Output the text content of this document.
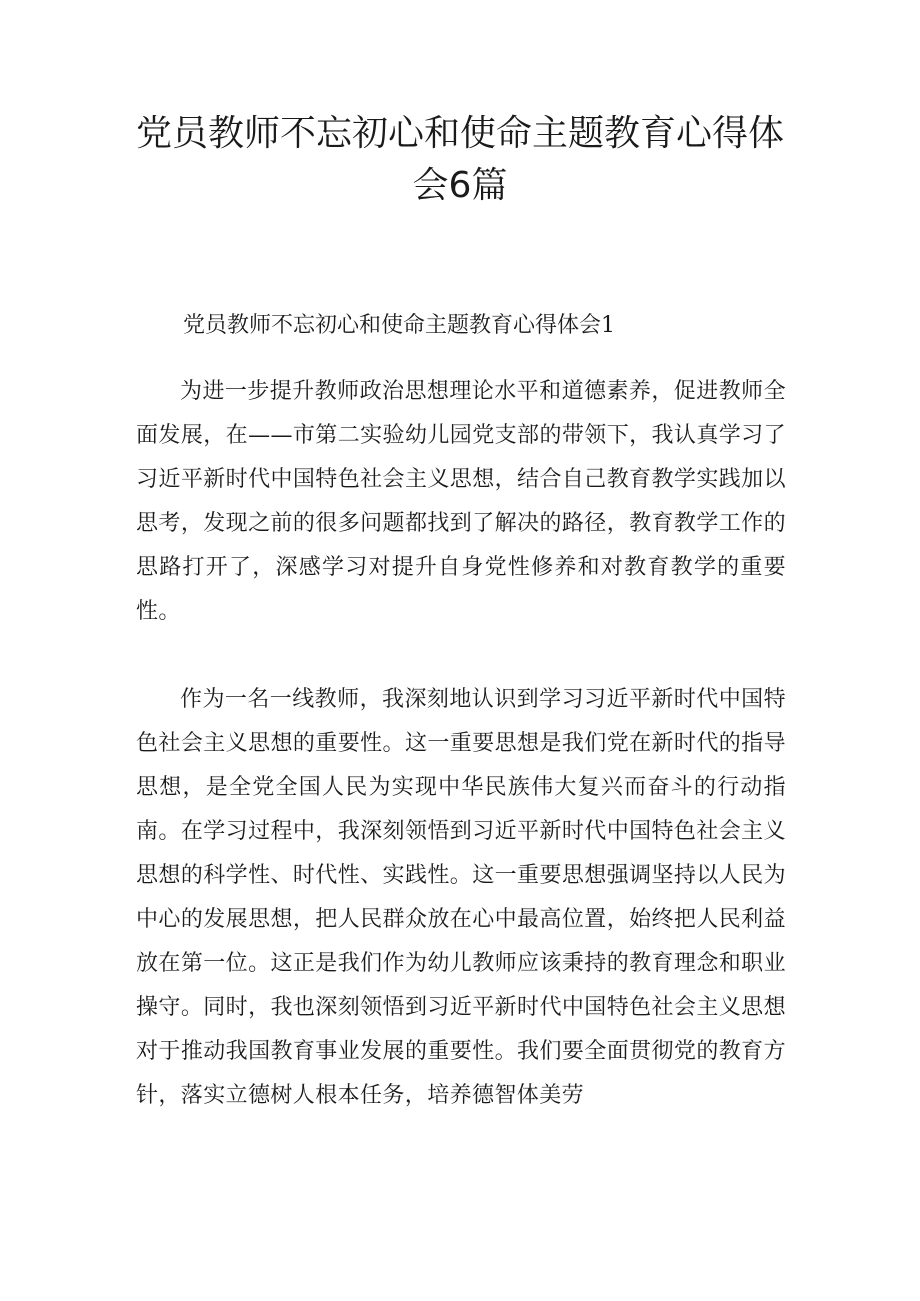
党员教师不忘初心和使命主题教育心得体会6篇

党员教师不忘初心和使命主题教育心得体会1

为进一步提升教师政治思想理论水平和道德素养，促进教师全面发展，在——市第二实验幼儿园党支部的带领下，我认真学习了习近平新时代中国特色社会主义思想，结合自己教育教学实践加以思考，发现之前的很多问题都找到了解决的路径，教育教学工作的思路打开了，深感学习对提升自身党性修养和对教育教学的重要性。

作为一名一线教师，我深刻地认识到学习习近平新时代中国特色社会主义思想的重要性。这一重要思想是我们党在新时代的指导思想，是全党全国人民为实现中华民族伟大复兴而奋斗的行动指南。在学习过程中，我深刻领悟到习近平新时代中国特色社会主义思想的科学性、时代性、实践性。这一重要思想强调坚持以人民为中心的发展思想，把人民群众放在心中最高位置，始终把人民利益放在第一位。这正是我们作为幼儿教师应该秉持的教育理念和职业操守。同时，我也深刻领悟到习近平新时代中国特色社会主义思想对于推动我国教育事业发展的重要性。我们要全面贯彻党的教育方针，落实立德树人根本任务，培养德智体美劳
